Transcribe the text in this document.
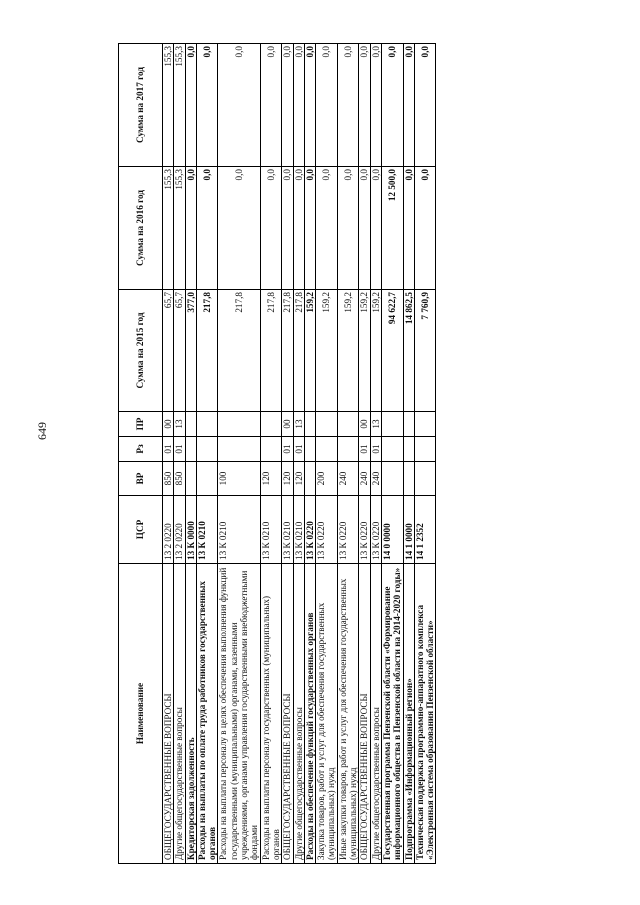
649
Наименование	ЦСР	ВР	Рз	ПР	Сумма на 2015 год	Сумма на 2016 год	Сумма на 2017 год
ОБЩЕГОСУДАРСТВЕННЫЕ ВОПРОСЫ	13 2 0220	850	01	00	65,7	155,3	155,3
Другие общегосударственные вопросы	13 2 0220	850	01	13	65,7	155,3	155,3
Кредиторская задолженность	13 К 0000				377,0	0,0	0,0
Расходы на выплаты по оплате труда работников государственных органов	13 К 0210				217,8	0,0	0,0
Расходы на выплаты персоналу в целях обеспечения выполнения функций государственными (муниципальными) органами, казенными учреждениями, органами управления государственными внебюджетными фондами	13 К 0210	100			217,8	0,0	0,0
Расходы на выплаты персоналу государственных (муниципальных) органов	13 К 0210	120			217,8	0,0	0,0
ОБЩЕГОСУДАРСТВЕННЫЕ ВОПРОСЫ	13 К 0210	120	01	00	217,8	0,0	0,0
Другие общегосударственные вопросы	13 К 0210	120	01	13	217,8	0,0	0,0
Расходы на обеспечение функций государственных органов	13 К 0220				159,2	0,0	0,0
Закупка товаров, работ и услуг для обеспечения государственных (муниципальных) нужд	13 К 0220	200			159,2	0,0	0,0
Иные закупки товаров, работ и услуг для обеспечения государственных (муниципальных) нужд	13 К 0220	240			159,2	0,0	0,0
ОБЩЕГОСУДАРСТВЕННЫЕ ВОПРОСЫ	13 К 0220	240	01	00	159,2	0,0	0,0
Другие общегосударственные вопросы	13 К 0220	240	01	13	159,2	0,0	0,0
Государственная программа Пензенской области «Формирование информационного общества в Пензенской области на 2014-2020 годы»	14 0 0000				94 622,7	12 500,0	0,0
Подпрограмма «Информационный регион»	14 1 0000				14 862,5	0,0	0,0
Техническая поддержка программно-аппаратного комплекса «Электронная система образования Пензенской области»	14 1 2352				7 760,9	0,0	0,0
